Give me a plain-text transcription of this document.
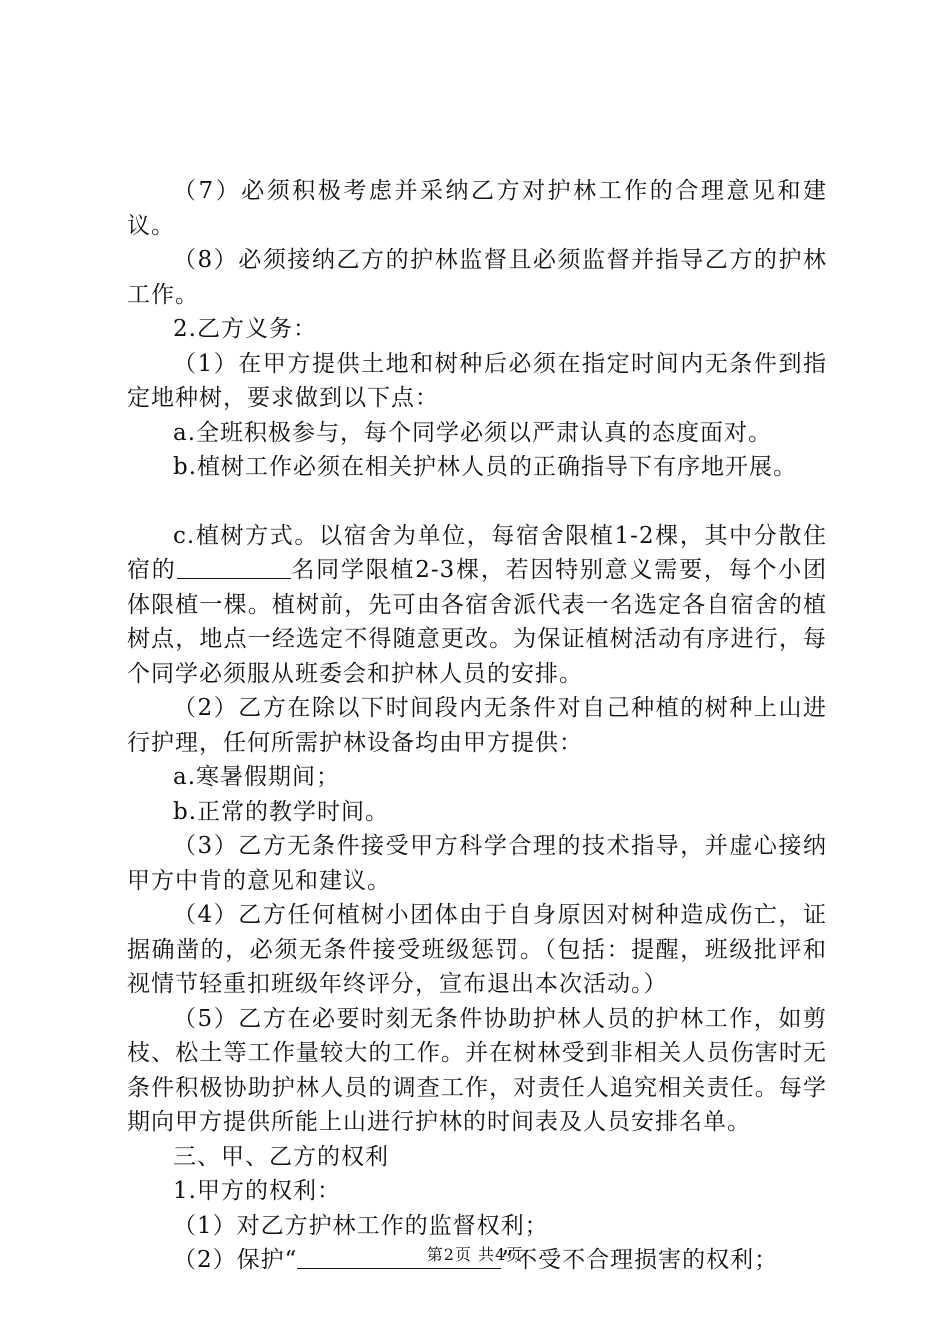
（7）必须积极考虑并采纳乙方对护林工作的合理意见和建议。

（8）必须接纳乙方的护林监督且必须监督并指导乙方的护林工作。

2.乙方义务：

（1）在甲方提供土地和树种后必须在指定时间内无条件到指定地种树，要求做到以下点：

a.全班积极参与，每个同学必须以严肃认真的态度面对。

b.植树工作必须在相关护林人员的正确指导下有序地开展。

c.植树方式。以宿舍为单位，每宿舍限植1-2棵，其中分散住宿的	名同学限植2-3棵，若因特别意义需要，每个小团体限植一棵。植树前，先可由各宿舍派代表一名选定各自宿舍的植树点，地点一经选定不得随意更改。为保证植树活动有序进行，每个同学必须服从班委会和护林人员的安排。

（2）乙方在除以下时间段内无条件对自己种植的树种上山进行护理，任何所需护林设备均由甲方提供：

a.寒暑假期间；

b.正常的教学时间。

（3）乙方无条件接受甲方科学合理的技术指导，并虚心接纳甲方中肯的意见和建议。

（4）乙方任何植树小团体由于自身原因对树种造成伤亡，证据确凿的，必须无条件接受班级惩罚。（包括：提醒，班级批评和视情节轻重扣班级年终评分，宣布退出本次活动。）

（5）乙方在必要时刻无条件协助护林人员的护林工作，如剪枝、松土等工作量较大的工作。并在树林受到非相关人员伤害时无条件积极协助护林人员的调查工作，对责任人追究相关责任。每学期向甲方提供所能上山进行护林的时间表及人员安排名单。

三、甲、乙方的权利

1.甲方的权利：

（1）对乙方护林工作的监督权利；

（2）保护“	”不受不合理损害的权利；

第2页 共4页
